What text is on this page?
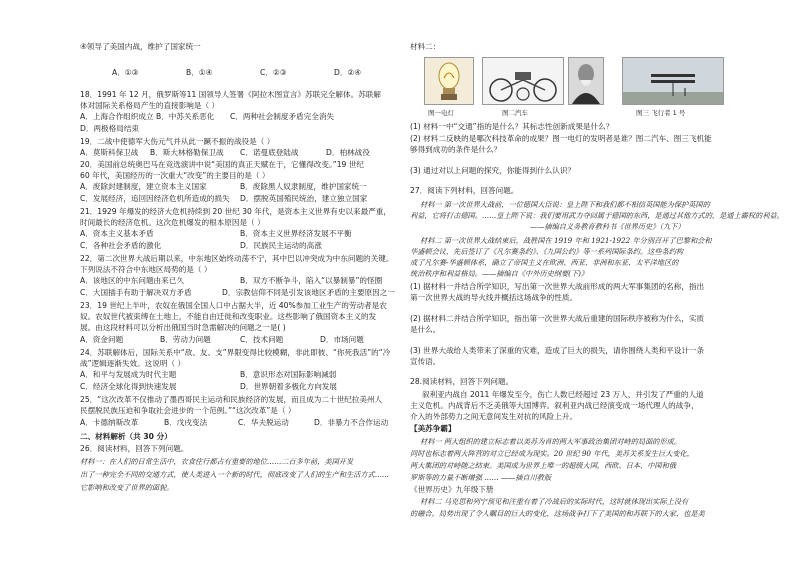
④领导了美国内战，维护了国家统一
A．①③	B．①④	C．②③	D．②④
18．1991 年 12 月，俄罗斯等11 国领导人签署《阿拉木图宣言》苏联完全解体。苏联解
体对国际关系格局产生的直接影响是（ ）
A．上海合作组织成立 B．中苏关系恶化 C．两种社会制度矛盾完全消失
D．两极格局结束
19．二战中使德军大伤元气并从此一蹶不振的战役是（ ）
A．莫斯科保卫战 B．斯大林格勒保卫战 C．诺曼底登陆战	D．柏林战役
20．美国前总统奥巴马在竞选演讲中说“美国的真正天赋在于，它懂得改变。”19 世纪
60 年代，美国经历的一次重大“改变”的主要目的是（ ）
A．废除封建制度，建立资本主义国家	B．废除黑人奴隶制度，维护国家统一
C．发展经济，追回因经济危机所造成的损失 D．摆脱英国殖民统治，建立独立国家
21．1929 年爆发的经济大危机持续到 20 世纪 30 年代，是资本主义世界有史以来最严重，
时间最长的经济危机。这次危机爆发的根本原因是（ ）
A．资本主义基本矛盾	B．资本主义世界经济发展不平衡
C．各种社会矛盾的激化	D．民族民主运动的高涨
22．第二次世界大战后期以来，中东地区始终动荡不宁，其中巴以冲突成为中东问题的关键。
下列说法不符合中东地区局势的是（ ）
A．该地区的中东问题由来已久	B．双方不断争斗，陷入“以暴制暴”的怪圈
C．大国插手有助于解决双方矛盾	D．宗教信仰不同是引发该地区矛盾的主要原因之一
23．19 世纪上半叶，农奴在俄国全国人口中占据大半，近 40%参加工业生产的劳动者是农
奴。农奴世代被束缚在土地上，不能自由迁徙和改变职业。这些影响了俄国资本主义的发
展。由这段材料可以分析出俄国当时急需解决的问题之一是( )
A．资金问题	B．劳动力问题	C．技术问题	D．市场问题
24．苏联解体后，国际关系中“敌、友、支”界限变得比较模糊，非此即彼、“你死我活”的“冷
战”逻辑逐渐失效。这说明（ ）
A．和平与发展成为时代主题	B．意识形态对国际影响减弱
C．经济全球化得到快速发展	D．世界朝着多极化方向发展
25．“这次改革不仅推动了墨西哥民主运动和民族经济的发展，而且成为二十世纪拉美州人
民摆脱民族压迫和争取社会进步的一个范例。”“这次改革”是（ ）
A．卡德纳斯改革	B．戊戌变法	C．华夫脱运动	D．非暴力不合作运动
二、材料解析（共 30 分）
26．阅读材料，回答下列问题。
材料一：在人们的日常生活中，衣食住行都占有重要的地位……二百多年前，美国开发
出了一种完全不同的交通方式，使人类进入一个新的时代，彻底改变了人们的生产和生活方式……
它影响和改变了世界的面貌。
材料二：
图一电灯	图二汽车	图三 飞行者 1 号
(1) 材料一中“交通”指的是什么？其标志性创新成果是什么？
(2) 材料二反映的是哪次科技革命的成果？图一电灯的发明者是谁？图二汽车、图三飞机能
够得到成功的条件是什么？
(3) 通过对以上问题的探究，你能得到什么认识？
27．阅读下列材料，回答问题。
材料一 第一次世界大战前，一位德国大臣说：皇上陛下和我们都不相信英国能为保护英国的
利益，它将打击德国。……皇上陛下说：我们要用武力夺回属于德国的东西，是通过其他方式的，是通上霸权的利益。
——摘编自义务教育教科书《世界历史》（九下）
材料二 第一次世界大战结束后，战胜国在 1919 年和 1921-1922 年分别召开了巴黎和会和
华盛顿会议，先后签订了《凡尔赛条约》、《九国公约》等一系列国际条约。这些条约构
成了凡尔赛-华盛顿体系，确立了帝国主义在欧洲、西亚、非洲和东亚、太平洋地区的
统治秩序和利益格局。——摘编自《中外历史纲要(下)》
(1) 据材料一并结合所学知识，写出第一次世界大战前形成的两大军事集团的名称，指出
第一次世界大战的导火线并概括这场战争的性质。
(2) 据材料二并结合所学知识，指出第一次世界大战后重建的国际秩序被称为什么，实质
是什么。
(3) 世界大战给人类带来了深重的灾难，造成了巨大的损失，请你围绕人类和平设计一条
宣传语。
28.阅读材料，回答下列问题。
叙利亚内战自 2011 年爆发至今，伤亡人数已经超过 23 万人，并引发了严重的人道
主义危机。内战背后不乏美俄等大国博弈。叙利亚内战已经演变成一场代理人的战争，
介入的外部势力之间无意间发生对抗的风险上升。
【美苏争霸】
材料一 两大组织的建立标志着以美苏为首的两大军事政治集团对峙的局面的形成。
同时也标志着两大阵营的对立已经成为现实。20 世纪 90 年代，美苏关系发生巨大变化，
两大集团的对峙随之结束。美国成为世界上唯一的超级大国，西欧、日本、中国和俄
罗斯等的力量不断增强 …… ——摘自川教版
《世界历史》九年级下册
材料二 马克思和列宁预见和注重有着了冷战后的实际时代，这时就体现出实际上没有
的融合。局势出现了令人瞩目的巨大的变化，这场战争打下了美国的和苏联下的大家，也是美
